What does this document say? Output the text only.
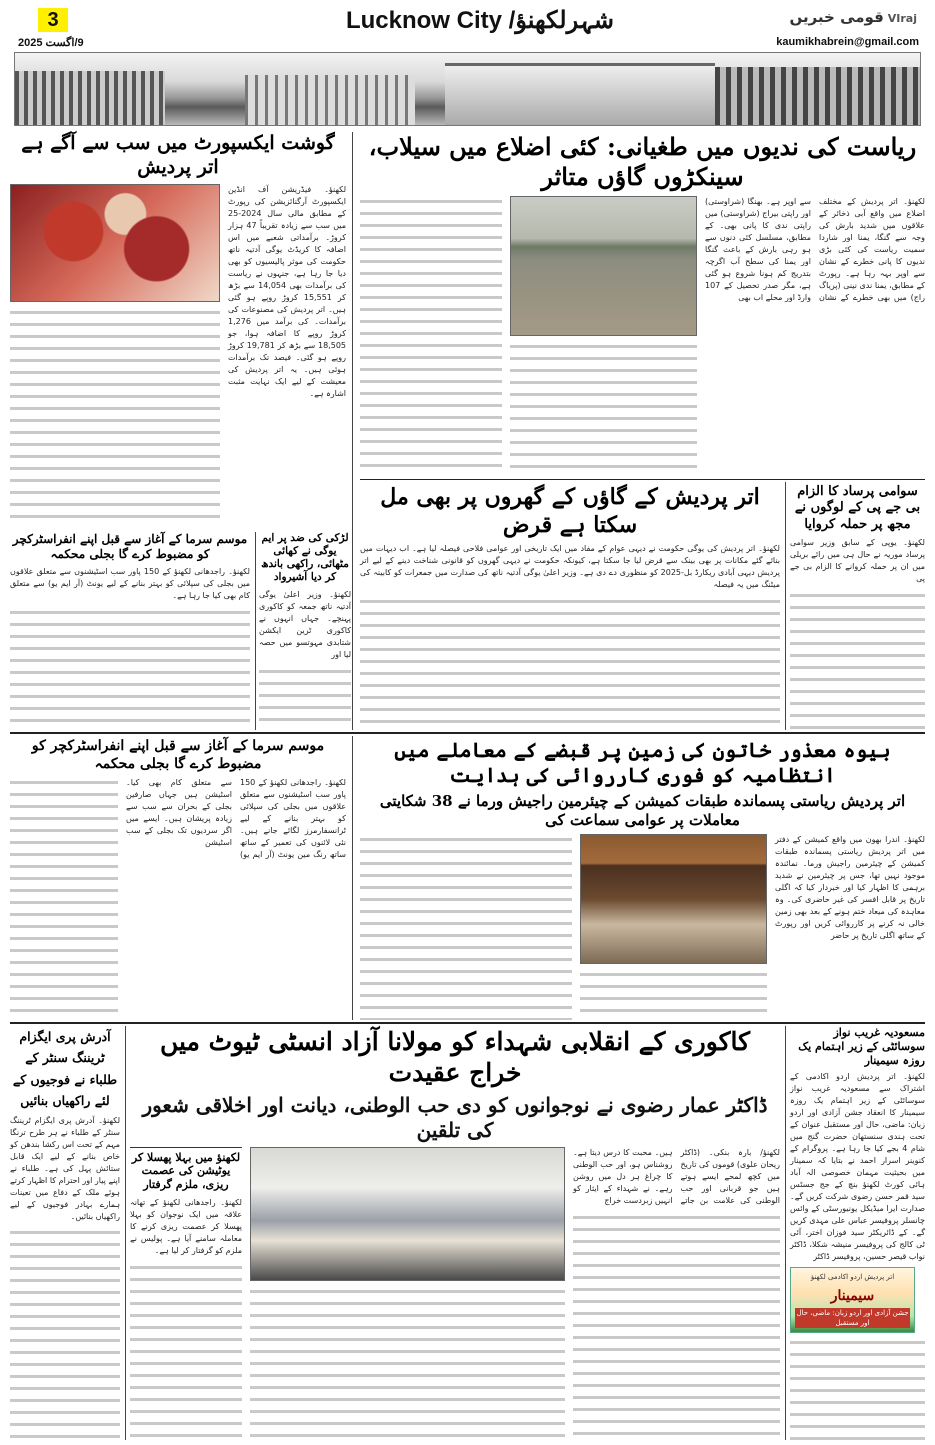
3
9/اگست 2025
Lucknow City /شہرلکھنؤ	قومی خبریں VIraj
kaumikhabrein@gmail.com
ریاست کی ندیوں میں طغیانی: کئی اضلاع میں سیلاب، سینکڑوں گاؤں متاثر
لکھنؤ۔ اتر پردیش کے مختلف اضلاع میں واقع آبی ذخائر کے علاقوں میں شدید بارش کی وجہ سے گنگا، یمنا اور شاردا سمیت ریاست کی کئی بڑی ندیوں کا پانی خطرے کے نشان سے اوپر بہہ رہا ہے۔ رپورٹ کے مطابق، یمنا ندی نینی (پریاگ راج) میں بھی خطرے کے نشان سے اوپر ہے۔ بھنگا (شراوستی) اور راپتی بیراج (شراوستی) میں راپتی ندی کا پانی بھی۔ کے مطابق، مسلسل کئی دنوں سے ہو رہی بارش کے باعث گنگا اور یمنا کی سطح آب اگرچہ بتدریج کم ہونا شروع ہو گئی ہے، مگر صدر تحصیل کے 107 وارڈ اور محلے اب بھی
گوشت ایکسپورٹ میں سب سے آگے ہے اتر پردیش
لکھنؤ۔ فیڈریشن آف انڈین ایکسپورٹ آرگنائزیشن کی رپورٹ کے مطابق مالی سال 2024-25 میں سب سے زیادہ تقریباً 47 ہزار کروڑ۔ برآمداتی شعبے میں اس اضافہ کا کریڈٹ یوگی آدتیہ ناتھ حکومت کی موثر پالیسیوں کو بھی دیا جا رہا ہے، جنہوں نے ریاست کی برآمدات بھی 14,054 سے بڑھ کر 15,551 کروڑ روپے ہو گئی ہیں۔ اتر پردیش کی مصنوعات کی برآمدات۔ کی برآمد میں 1,276 کروڑ روپے کا اضافہ ہوا، جو 18,505 سے بڑھ کر 19,781 کروڑ روپے ہو گئی۔ فیصد تک برآمدات ہوئی ہیں۔ یہ اتر پردیش کی معیشت کے لیے ایک نہایت مثبت اشارہ ہے۔
اتر پردیش کے گاؤں کے گھروں پر بھی مل سکتا ہے قرض
لکھنؤ۔ اتر پردیش کی یوگی حکومت نے دیہی عوام کے مفاد میں ایک تاریخی اور عوامی فلاحی فیصلہ لیا ہے۔ اب دیہات میں بنائے گئے مکانات پر بھی بینک سے قرض لیا جا سکتا ہے، کیونکہ حکومت نے دیہی گھروں کو قانونی شناخت دینے کے لیے اتر پردیش دیہی آبادی ریکارڈ بل-2025 کو منظوری دے دی ہے۔ وزیر اعلیٰ یوگی آدتیہ ناتھ کی صدارت میں جمعرات کو کابینہ کی میٹنگ میں یہ فیصلہ
سوامی پرساد کا الزام بی جے پی کے لوگوں نے مجھ پر حملہ کروایا
لکھنؤ۔ یوپی کے سابق وزیر سوامی پرساد موریہ نے حال ہی میں رائے بریلی میں ان پر حملہ کروانے کا الزام بی جے پی
لڑکی کی ضد پر ایم یوگی نے کھائی مٹھائی، راکھی باندھ کر دیا آشیرواد
لکھنؤ۔ وزیر اعلیٰ یوگی آدتیہ ناتھ جمعہ کو کاکوری پہنچے۔ جہاں انہوں نے کاکوری ٹرین ایکشن شتابدی مہوتسو میں حصہ لیا اور
موسم سرما کے آغاز سے قبل اپنے انفراسٹرکچر کو مضبوط کرے گا بجلی محکمہ
لکھنؤ۔ راجدھانی لکھنؤ کے 150 پاور سب اسٹیشنوں سے متعلق علاقوں میں بجلی کی سپلائی کو بہتر بنانے کے لیے یونٹ (آر ایم یو) سے متعلق کام بھی کیا جا رہا ہے۔
بیوہ معذور خاتون کی زمین پر قبضے کے معاملے میں انتظامیہ کو فوری کارروائی کی ہدایت
اتر پردیش ریاستی پسماندہ طبقات کمیشن کے چیئرمین راجیش ورما نے 38 شکایتی معاملات پر عوامی سماعت کی
لکھنؤ۔ اندرا بھون میں واقع کمیشن کے دفتر میں اتر پردیش ریاستی پسماندہ طبقات کمیشن کے چیئرمین راجیش ورما۔ نمائندہ موجود نہیں تھا، جس پر چیئرمین نے شدید برہمی کا اظہار کیا اور خبردار کیا کہ اگلی تاریخ پر قابل افسر کی غیر حاضری کی۔ وہ معاہدہ کی میعاد ختم ہونے کے بعد بھی زمین خالی نہ کرنے پر کارروائی کریں اور رپورٹ کے ساتھ اگلی تاریخ پر حاضر
موسم سرما کے آغاز سے قبل اپنے انفراسٹرکچر کو مضبوط کرے گا بجلی محکمہ
لکھنؤ۔ راجدھانی لکھنؤ کے 150 پاور سب اسٹیشنوں سے متعلق علاقوں میں بجلی کی سپلائی کو بہتر بنانے کے لیے ٹرانسفارمرز لگائے جانے ہیں۔ نئی لائنوں کی تعمیر کے ساتھ ساتھ رنگ مین یونٹ (آر ایم یو) سے متعلق کام بھی کیا۔ اسٹیشن ہیں جہاں صارفین بجلی کے بحران سے سب سے زیادہ پریشان ہیں۔ ایسے میں اگر سردیوں تک بجلی کے سب اسٹیشن
مسعودیہ غریب نواز سوسائٹی کے زیر اہتمام یک روزہ سیمینار
لکھنؤ۔ اتر پردیش اردو اکادمی کے اشتراک سے مسعودیہ غریب نواز سوسائٹی کے زیر اہتمام یک روزہ سیمینار کا انعقاد جشن آزادی اور اردو زبان: ماضی، حال اور مستقبل عنوان کے تحت ہندی سنستھان حضرت گنج میں شام 4 بجے کیا جا رہا ہے۔ پروگرام کے کنوینر اسرار احمد نے بتایا کہ سمینار میں بحیثیت مہمان خصوصی الہ آباد ہائی کورٹ لکھنؤ بنچ کے جج جسٹس سید قمر حسن رضوی شرکت کریں گے۔ صدارت ایرا میڈیکل یونیورسٹی کے وائس چانسلر پروفیسر عباس علی مہدی کریں گے۔ کے ڈائریکٹر سید فوزان اختر، آئی ٹی کالج کی پروفیسر منیشہ شکلا، ڈاکٹر نواب قیصر حسین، پروفیسر ڈاکٹر
اتر پردیش اردو اکادمی لکھنؤ
سیمینار
جشن آزادی اور اردو زبان: ماضی، حال اور مستقبل
کاکوری کے انقلابی شہداء کو مولانا آزاد انسٹی ٹیوٹ میں خراج عقیدت
ڈاکٹر عمار رضوی نے نوجوانوں کو دی حب الوطنی، دیانت اور اخلاقی شعور کی تلقین
لکھنؤ/ بارہ بنکی۔ (ڈاکٹر ریحان علوی) قوموں کی تاریخ میں کچھ لمحے ایسے ہوتے ہیں جو قربانی اور حب الوطنی کی علامت بن جاتے ہیں۔ محبت کا درس دیتا ہے۔ روشناس ہو، اور حب الوطنی کا چراغ ہر دل میں روشن رہے۔ نے شہداء کے ایثار کو انہیں زبردست خراج
لکھنؤ میں بہلا پھسلا کر یوٹیشن کی عصمت ریزی، ملزم گرفتار
لکھنؤ۔ راجدھانی لکھنؤ کے تھانہ علاقہ میں ایک نوجوان کو بہلا پھسلا کر عصمت ریزی کرنے کا معاملہ سامنے آیا ہے۔ پولیس نے ملزم کو گرفتار کر لیا ہے۔
آدرش پری ایگزام ٹریننگ سنٹر کے طلباء نے فوجیوں کے لئے راکھیاں بنائیں
لکھنؤ۔ آدرش پری ایگزام ٹریننگ سنٹر کے طلباء نے ہر طرح ترنگا مہم کے تحت اس رکشا بندھن کو خاص بنانے کے لیے ایک قابل ستائش پہل کی ہے۔ طلباء نے اپنے پیار اور احترام کا اظہار کرتے ہوئے ملک کے دفاع میں تعینات ہمارے بہادر فوجیوں کے لیے راکھیاں بنائیں۔
